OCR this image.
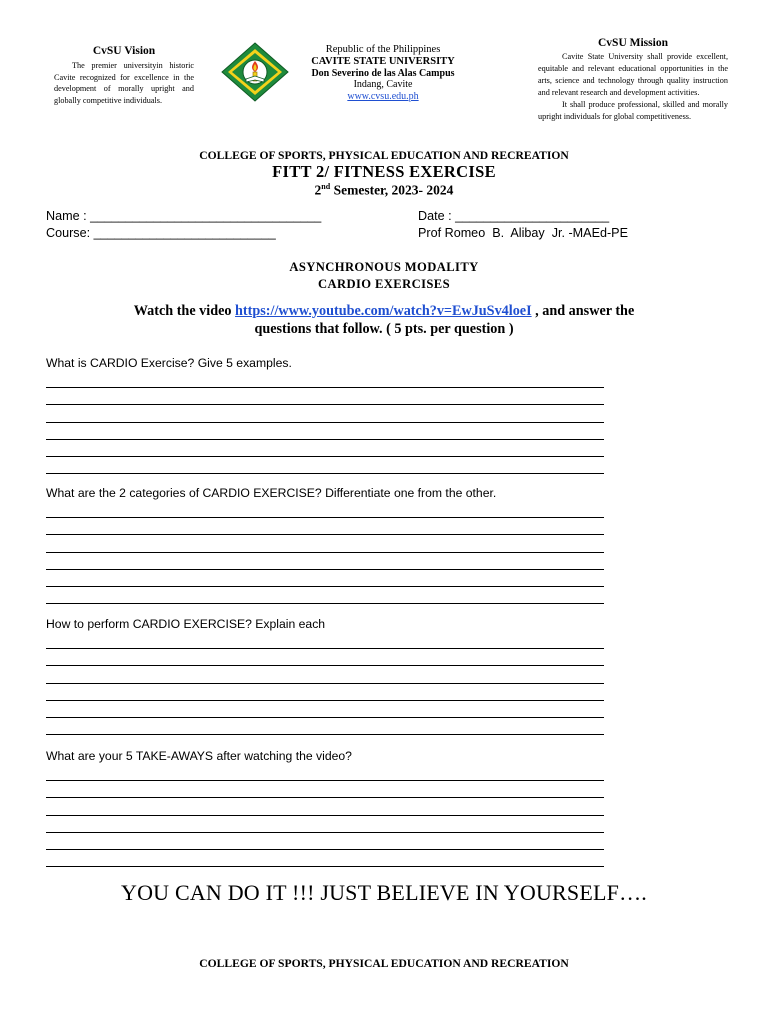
CvSU Vision

The premier universityin historic Cavite recognized for excellence in the development of morally upright and globally competitive individuals.

Republic of the Philippines
CAVITE STATE UNIVERSITY
Don Severino de las Alas Campus
Indang, Cavite
www.cvsu.edu.ph
CvSU Mission

Cavite State University shall provide excellent, equitable and relevant educational opportunities in the arts, science and technology through quality instruction and relevant research and development activities.

It shall produce professional, skilled and morally upright individuals for global competitiveness.

COLLEGE OF SPORTS, PHYSICAL EDUCATION AND RECREATION
FITT 2/ FITNESS EXERCISE
2nd Semester, 2023- 2024
Name : _________________________________
Course: __________________________
Date : ______________________
Prof Romeo  B.  Alibay  Jr. -MAEd-PE
ASYNCHRONOUS MODALITY
CARDIO EXERCISES
Watch the video https://www.youtube.com/watch?v=EwJuSv4loeI , and answer the
questions that follow. ( 5 pts. per question )
What is CARDIO Exercise? Give 5 examples.
What are the 2 categories of CARDIO EXERCISE? Differentiate one from the other.
How to perform CARDIO EXERCISE? Explain each
What are your 5 TAKE-AWAYS after watching the video?
YOU CAN DO IT !!! JUST BELIEVE IN YOURSELF….
COLLEGE OF SPORTS, PHYSICAL EDUCATION AND RECREATION
